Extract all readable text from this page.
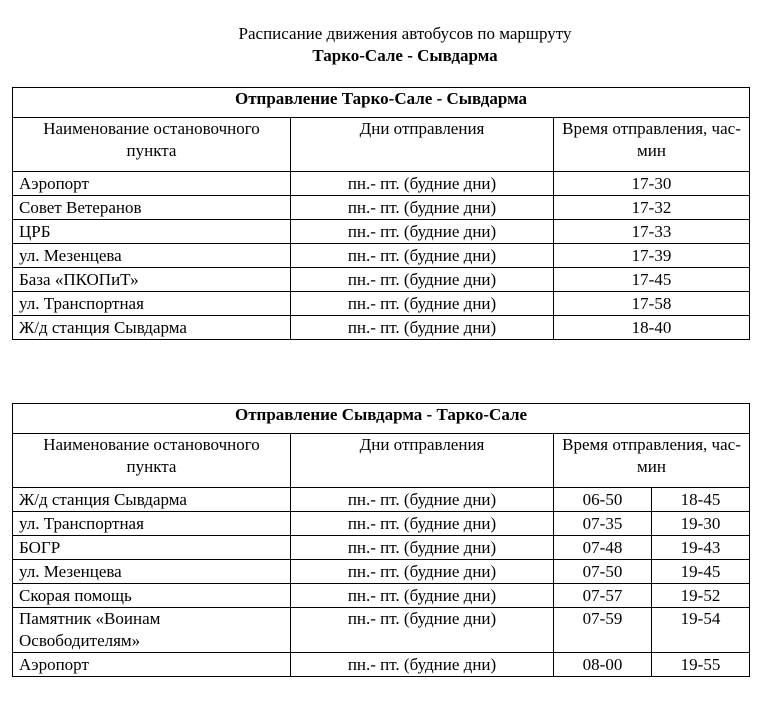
Расписание движения автобусов по маршруту
Тарко-Сале - Сывдарма
Отправление Тарко-Сале - Сывдарма		
Наименование остановочного пункта	Дни отправления	Время отправления, час-мин
Аэропорт	пн.- пт. (будние дни)	17-30
Совет Ветеранов	пн.- пт. (будние дни)	17-32
ЦРБ	пн.- пт. (будние дни)	17-33
ул. Мезенцева	пн.- пт. (будние дни)	17-39
База «ПКОПиТ»	пн.- пт. (будние дни)	17-45
ул. Транспортная	пн.- пт. (будние дни)	17-58
Ж/д станция Сывдарма	пн.- пт. (будние дни)	18-40
Отправление Сывдарма - Тарко-Сале			
Наименование остановочного пункта	Дни отправления	Время отправления, час-мин	
Ж/д станция Сывдарма	пн.- пт. (будние дни)	06-50	18-45
ул. Транспортная	пн.- пт. (будние дни)	07-35	19-30
БОГР	пн.- пт. (будние дни)	07-48	19-43
ул. Мезенцева	пн.- пт. (будние дни)	07-50	19-45
Скорая помощь	пн.- пт. (будние дни)	07-57	19-52
Памятник «Воинам Освободителям»	пн.- пт. (будние дни)	07-59	19-54
Аэропорт	пн.- пт. (будние дни)	08-00	19-55
